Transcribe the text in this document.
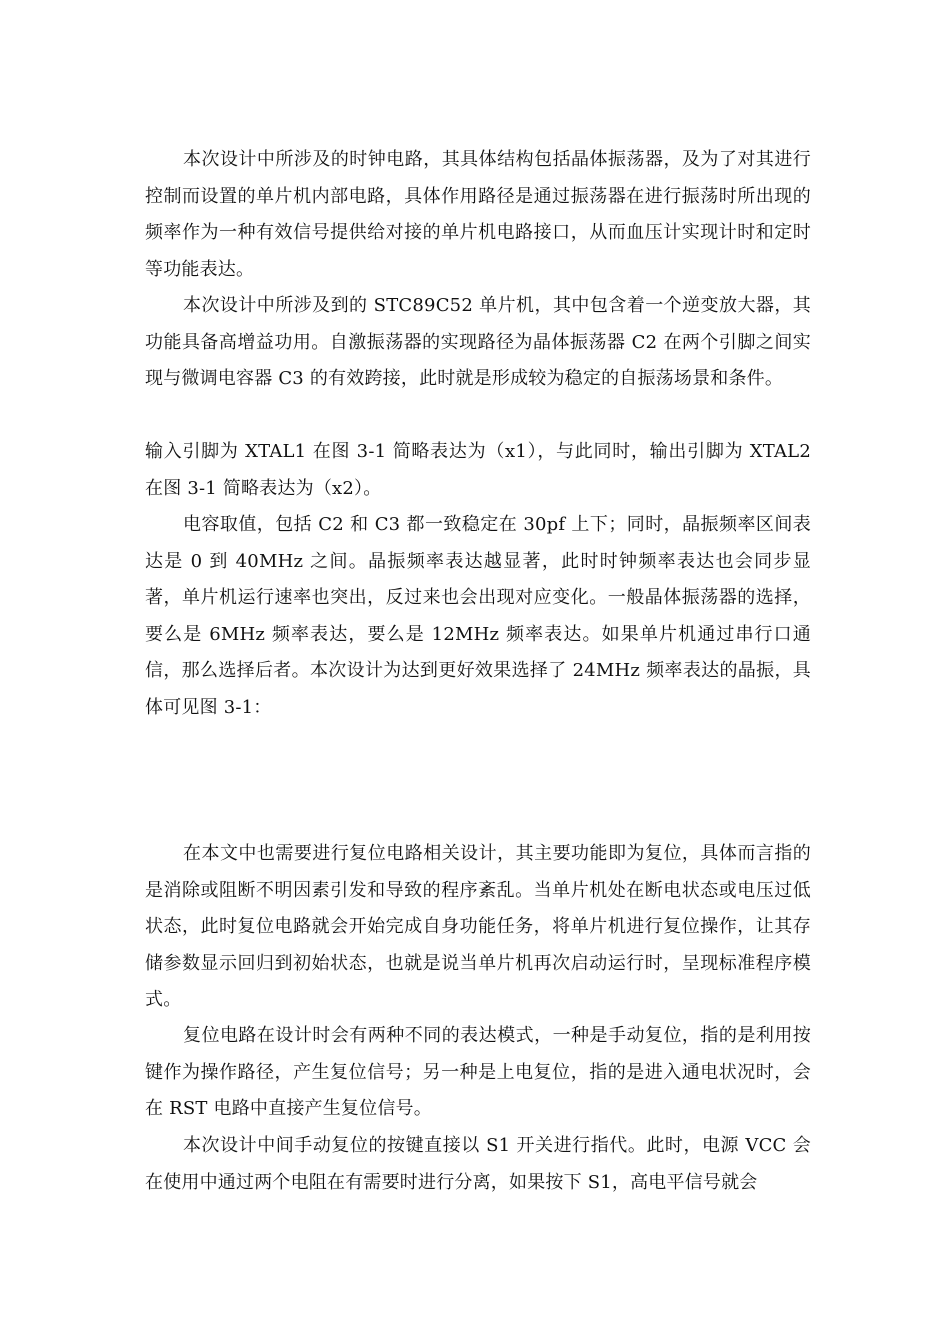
本次设计中所涉及的时钟电路，其具体结构包括晶体振荡器，及为了对其进行控制而设置的单片机内部电路，具体作用路径是通过振荡器在进行振荡时所出现的频率作为一种有效信号提供给对接的单片机电路接口，从而血压计实现计时和定时等功能表达。

本次设计中所涉及到的 STC89C52 单片机，其中包含着一个逆变放大器，其功能具备高增益功用。自激振荡器的实现路径为晶体振荡器 C2 在两个引脚之间实现与微调电容器 C3 的有效跨接，此时就是形成较为稳定的自振荡场景和条件。

输入引脚为 XTAL1 在图 3-1 简略表达为（x1），与此同时，输出引脚为 XTAL2 在图 3-1 简略表达为（x2）。

电容取值，包括 C2 和 C3 都一致稳定在 30pf 上下；同时，晶振频率区间表达是 0 到 40MHz 之间。晶振频率表达越显著，此时时钟频率表达也会同步显著，单片机运行速率也突出，反过来也会出现对应变化。一般晶体振荡器的选择，要么是 6MHz 频率表达，要么是 12MHz 频率表达。如果单片机通过串行口通信，那么选择后者。本次设计为达到更好效果选择了 24MHz 频率表达的晶振，具体可见图 3-1：

在本文中也需要进行复位电路相关设计，其主要功能即为复位，具体而言指的是消除或阻断不明因素引发和导致的程序紊乱。当单片机处在断电状态或电压过低状态，此时复位电路就会开始完成自身功能任务，将单片机进行复位操作，让其存储参数显示回归到初始状态，也就是说当单片机再次启动运行时，呈现标准程序模式。

复位电路在设计时会有两种不同的表达模式，一种是手动复位，指的是利用按键作为操作路径，产生复位信号；另一种是上电复位，指的是进入通电状况时，会在 RST 电路中直接产生复位信号。

本次设计中间手动复位的按键直接以 S1 开关进行指代。此时，电源 VCC 会在使用中通过两个电阻在有需要时进行分离，如果按下 S1，高电平信号就会
